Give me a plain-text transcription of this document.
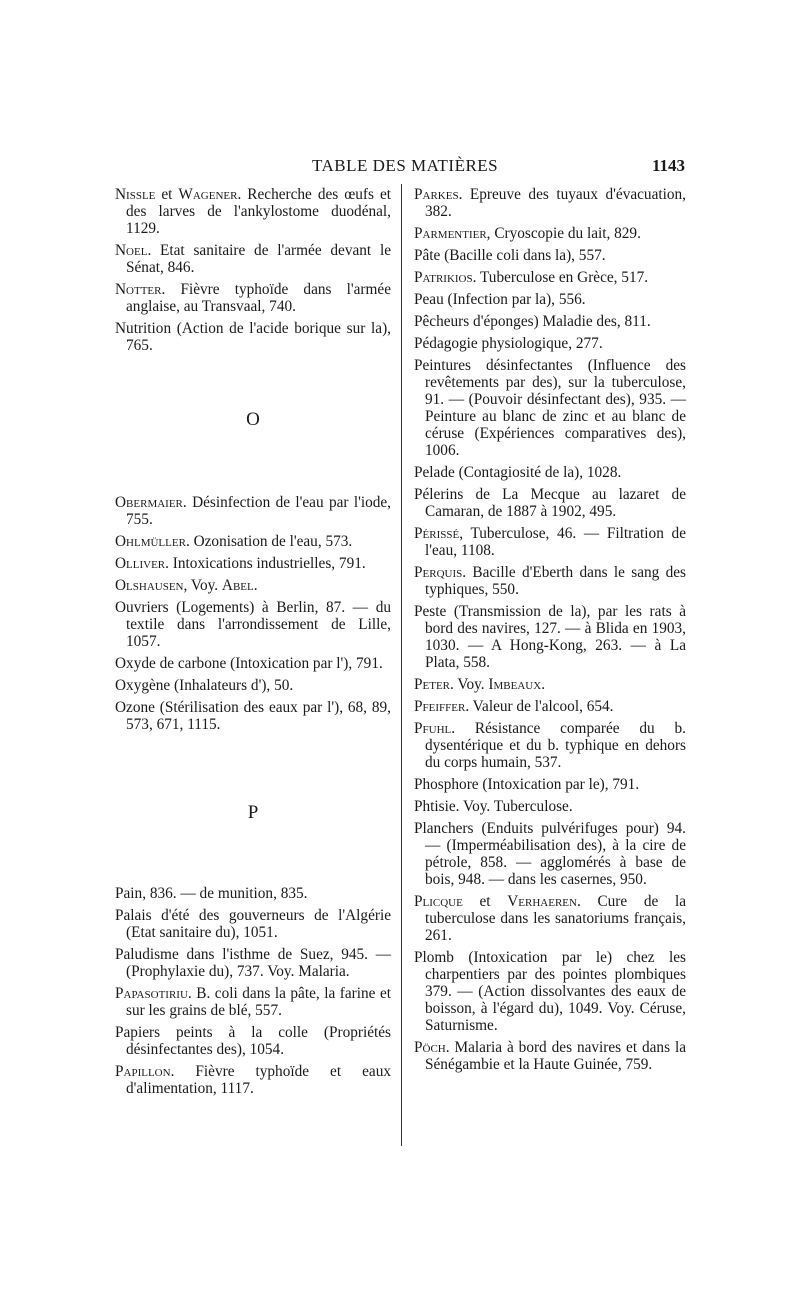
TABLE DES MATIÈRES	1143
Nissle et Wagener. Recherche des œufs et des larves de l'ankylostome duodénal, 1129.
Noel. Etat sanitaire de l'armée devant le Sénat, 846.
Notter. Fièvre typhoïde dans l'armée anglaise, au Transvaal, 740.
Nutrition (Action de l'acide borique sur la), 765.
O
Obermaier. Désinfection de l'eau par l'iode, 755.
Ohlmüller. Ozonisation de l'eau, 573.
Olliver. Intoxications industrielles, 791.
Olshausen, Voy. Abel.
Ouvriers (Logements) à Berlin, 87. — du textile dans l'arrondissement de Lille, 1057.
Oxyde de carbone (Intoxication par l'), 791.
Oxygène (Inhalateurs d'), 50.
Ozone (Stérilisation des eaux par l'), 68, 89, 573, 671, 1115.
P
Pain, 836. — de munition, 835.
Palais d'été des gouverneurs de l'Algérie (Etat sanitaire du), 1051.
Paludisme dans l'isthme de Suez, 945. — (Prophylaxie du), 737. Voy. Malaria.
Papasotiriu. B. coli dans la pâte, la farine et sur les grains de blé, 557.
Papiers peints à la colle (Propriétés désinfectantes des), 1054.
Papillon. Fièvre typhoïde et eaux d'alimentation, 1117.
Parkes. Epreuve des tuyaux d'évacuation, 382.
Parmentier, Cryoscopie du lait, 829.
Pâte (Bacille coli dans la), 557.
Patrikios. Tuberculose en Grèce, 517.
Peau (Infection par la), 556.
Pêcheurs d'éponges) Maladie des, 811.
Pédagogie physiologique, 277.
Peintures désinfectantes (Influence des revêtements par des), sur la tuberculose, 91. — (Pouvoir désinfectant des), 935. — Peinture au blanc de zinc et au blanc de céruse (Expériences comparatives des), 1006.
Pelade (Contagiosité de la), 1028.
Pélerins de La Mecque au lazaret de Camaran, de 1887 à 1902, 495.
Périssé, Tuberculose, 46. — Filtration de l'eau, 1108.
Perquis. Bacille d'Eberth dans le sang des typhiques, 550.
Peste (Transmission de la), par les rats à bord des navires, 127. — à Blida en 1903, 1030. — A Hong-Kong, 263. — à La Plata, 558.
Peter. Voy. Imbeaux.
Pfeiffer. Valeur de l'alcool, 654.
Pfuhl. Résistance comparée du b. dysentérique et du b. typhique en dehors du corps humain, 537.
Phosphore (Intoxication par le), 791.
Phtisie. Voy. Tuberculose.
Planchers (Enduits pulvérifuges pour) 94. — (Imperméabilisation des), à la cire de pétrole, 858. — agglomérés à base de bois, 948. — dans les casernes, 950.
Plicque et Verhaeren. Cure de la tuberculose dans les sanatoriums français, 261.
Plomb (Intoxication par le) chez les charpentiers par des pointes plombiques 379. — (Action dissolvantes des eaux de boisson, à l'égard du), 1049. Voy. Céruse, Saturnisme.
Pöch. Malaria à bord des navires et dans la Sénégambie et la Haute Guinée, 759.
